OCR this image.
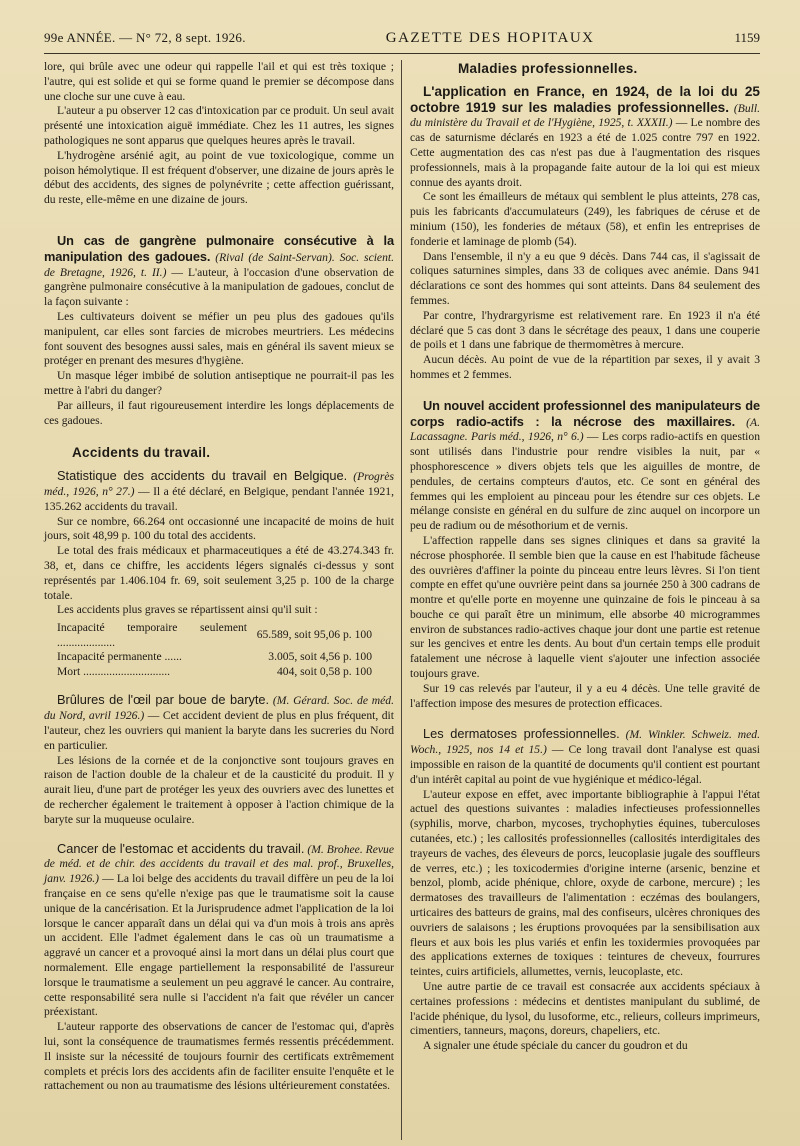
99e ANNÉE. — N° 72, 8 sept. 1926.	GAZETTE DES HOPITAUX	1159

lore, qui brûle avec une odeur qui rappelle l'ail et qui est très toxique ; l'autre, qui est solide et qui se forme quand le premier se décompose dans une cloche sur une cuve à eau.

L'auteur a pu observer 12 cas d'intoxication par ce produit. Un seul avait présenté une intoxication aiguë immédiate. Chez les 11 autres, les signes pathologiques ne sont apparus que quelques heures après le travail.

L'hydrogène arsénié agit, au point de vue toxicologique, comme un poison hémolytique. Il est fréquent d'observer, une dizaine de jours après le début des accidents, des signes de polynévrite ; cette affection guérissant, du reste, elle-même en une dizaine de jours.

Un cas de gangrène pulmonaire consécutive à la manipulation des gadoues. (Rival (de Saint-Servan). Soc. scient. de Bretagne, 1926, t. II.) — L'auteur, à l'occasion d'une observation de gangrène pulmonaire consécutive à la manipulation de gadoues, conclut de la façon suivante :

Les cultivateurs doivent se méfier un peu plus des gadoues qu'ils manipulent, car elles sont farcies de microbes meurtriers. Les médecins font souvent des besognes aussi sales, mais en général ils savent mieux se protéger en prenant des mesures d'hygiène.

Un masque léger imbibé de solution antiseptique ne pourrait-il pas les mettre à l'abri du danger?

Par ailleurs, il faut rigoureusement interdire les longs déplacements de ces gadoues.

Accidents du travail.

Statistique des accidents du travail en Belgique. (Progrès méd., 1926, n° 27.) — Il a été déclaré, en Belgique, pendant l'année 1921, 135.262 accidents du travail.

Sur ce nombre, 66.264 ont occasionné une incapacité de moins de huit jours, soit 48,99 p. 100 du total des accidents.

Le total des frais médicaux et pharmaceutiques a été de 43.274.343 fr. 38, et, dans ce chiffre, les accidents légers signalés ci-dessus y sont représentés par 1.406.104 fr. 69, soit seulement 3,25 p. 100 de la charge totale.

Les accidents plus graves se répartissent ainsi qu'il suit :

Incapacité temporaire seulement ....................	65.589, soit 95,06 p. 100
Incapacité permanente ......	3.005, soit 4,56 p. 100
Mort ..............................	404, soit 0,58 p. 100

Brûlures de l'œil par boue de baryte. (M. Gérard. Soc. de méd. du Nord, avril 1926.) — Cet accident devient de plus en plus fréquent, dit l'auteur, chez les ouvriers qui manient la baryte dans les sucreries du Nord en particulier.

Les lésions de la cornée et de la conjonctive sont toujours graves en raison de l'action double de la chaleur et de la causticité du produit. Il y aurait lieu, d'une part de protéger les yeux des ouvriers avec des lunettes et de rechercher également le traitement à opposer à l'action chimique de la baryte sur la muqueuse oculaire.

Cancer de l'estomac et accidents du travail. (M. Brohee. Revue de méd. et de chir. des accidents du travail et des mal. prof., Bruxelles, janv. 1926.) — La loi belge des accidents du travail diffère un peu de la loi française en ce sens qu'elle n'exige pas que le traumatisme soit la cause unique de la cancérisation. Et la Jurisprudence admet l'application de la loi lorsque le cancer apparaît dans un délai qui va d'un mois à trois ans après un accident. Elle l'admet également dans le cas où un traumatisme a aggravé un cancer et a provoqué ainsi la mort dans un délai plus court que normalement. Elle engage partiellement la responsabilité de l'assureur lorsque le traumatisme a seulement un peu aggravé le cancer. Au contraire, cette responsabilité sera nulle si l'accident n'a fait que révéler un cancer préexistant.

L'auteur rapporte des observations de cancer de l'estomac qui, d'après lui, sont la conséquence de traumatismes fermés ressentis précédemment. Il insiste sur la nécessité de toujours fournir des certificats extrêmement complets et précis lors des accidents afin de faciliter ensuite l'enquête et le rattachement ou non au traumatisme des lésions ultérieurement constatées.

Maladies professionnelles.

L'application en France, en 1924, de la loi du 25 octobre 1919 sur les maladies professionnelles. (Bull. du ministère du Travail et de l'Hygiène, 1925, t. XXXII.) — Le nombre des cas de saturnisme déclarés en 1923 a été de 1.025 contre 797 en 1922. Cette augmentation des cas n'est pas due à l'augmentation des risques professionnels, mais à la propagande faite autour de la loi qui est mieux connue des ayants droit.

Ce sont les émailleurs de métaux qui semblent le plus atteints, 278 cas, puis les fabricants d'accumulateurs (249), les fabriques de céruse et de minium (150), les fonderies de métaux (58), et enfin les entreprises de fonderie et laminage de plomb (54).

Dans l'ensemble, il n'y a eu que 9 décès. Dans 744 cas, il s'agissait de coliques saturnines simples, dans 33 de coliques avec anémie. Dans 941 déclarations ce sont des hommes qui sont atteints. Dans 84 seulement des femmes.

Par contre, l'hydrargyrisme est relativement rare. En 1923 il n'a été déclaré que 5 cas dont 3 dans le sécrétage des peaux, 1 dans une couperie de poils et 1 dans une fabrique de thermomètres à mercure.

Aucun décès. Au point de vue de la répartition par sexes, il y avait 3 hommes et 2 femmes.

Un nouvel accident professionnel des manipulateurs de corps radio-actifs : la nécrose des maxillaires. (A. Lacassagne. Paris méd., 1926, n° 6.) — Les corps radio-actifs en question sont utilisés dans l'industrie pour rendre visibles la nuit, par « phosphorescence » divers objets tels que les aiguilles de montre, de pendules, de certains compteurs d'autos, etc. Ce sont en général des femmes qui les emploient au pinceau pour les étendre sur ces objets. Le mélange consiste en général en du sulfure de zinc auquel on incorpore un peu de radium ou de mésothorium et de vernis.

L'affection rappelle dans ses signes cliniques et dans sa gravité la nécrose phosphorée. Il semble bien que la cause en est l'habitude fâcheuse des ouvrières d'affiner la pointe du pinceau entre leurs lèvres. Si l'on tient compte en effet qu'une ouvrière peint dans sa journée 250 à 300 cadrans de montre et qu'elle porte en moyenne une quinzaine de fois le pinceau à sa bouche ce qui paraît être un minimum, elle absorbe 40 microgrammes environ de substances radio-actives chaque jour dont une partie est retenue sur les gencives et entre les dents. Au bout d'un certain temps elle produit fatalement une nécrose à laquelle vient s'ajouter une infection associée toujours grave.

Sur 19 cas relevés par l'auteur, il y a eu 4 décès. Une telle gravité de l'affection impose des mesures de protection efficaces.

Les dermatoses professionnelles. (M. Winkler. Schweiz. med. Woch., 1925, nos 14 et 15.) — Ce long travail dont l'analyse est quasi impossible en raison de la quantité de documents qu'il contient est pourtant d'un intérêt capital au point de vue hygiénique et médico-légal.

L'auteur expose en effet, avec importante bibliographie à l'appui l'état actuel des questions suivantes : maladies infectieuses professionnelles (syphilis, morve, charbon, mycoses, trychophyties équines, tuberculoses cutanées, etc.) ; les callosités professionnelles (callosités interdigitales des trayeurs de vaches, des éleveurs de porcs, leucoplasie jugale des souffleurs de verres, etc.) ; les toxicodermies d'origine interne (arsenic, benzine et benzol, plomb, acide phénique, chlore, oxyde de carbone, mercure) ; les dermatoses des travailleurs de l'alimentation : eczémas des boulangers, urticaires des batteurs de grains, mal des confiseurs, ulcères chroniques des ouvriers de salaisons ; les éruptions provoquées par la sensibilisation aux fleurs et aux bois les plus variés et enfin les toxidermies provoquées par des applications externes de toxiques : teintures de cheveux, fourrures teintes, cuirs artificiels, allumettes, vernis, leucoplaste, etc.

Une autre partie de ce travail est consacrée aux accidents spéciaux à certaines professions : médecins et dentistes manipulant du sublimé, de l'acide phénique, du lysol, du lusoforme, etc., relieurs, colleurs imprimeurs, cimentiers, tanneurs, maçons, doreurs, chapeliers, etc.

A signaler une étude spéciale du cancer du goudron et du
